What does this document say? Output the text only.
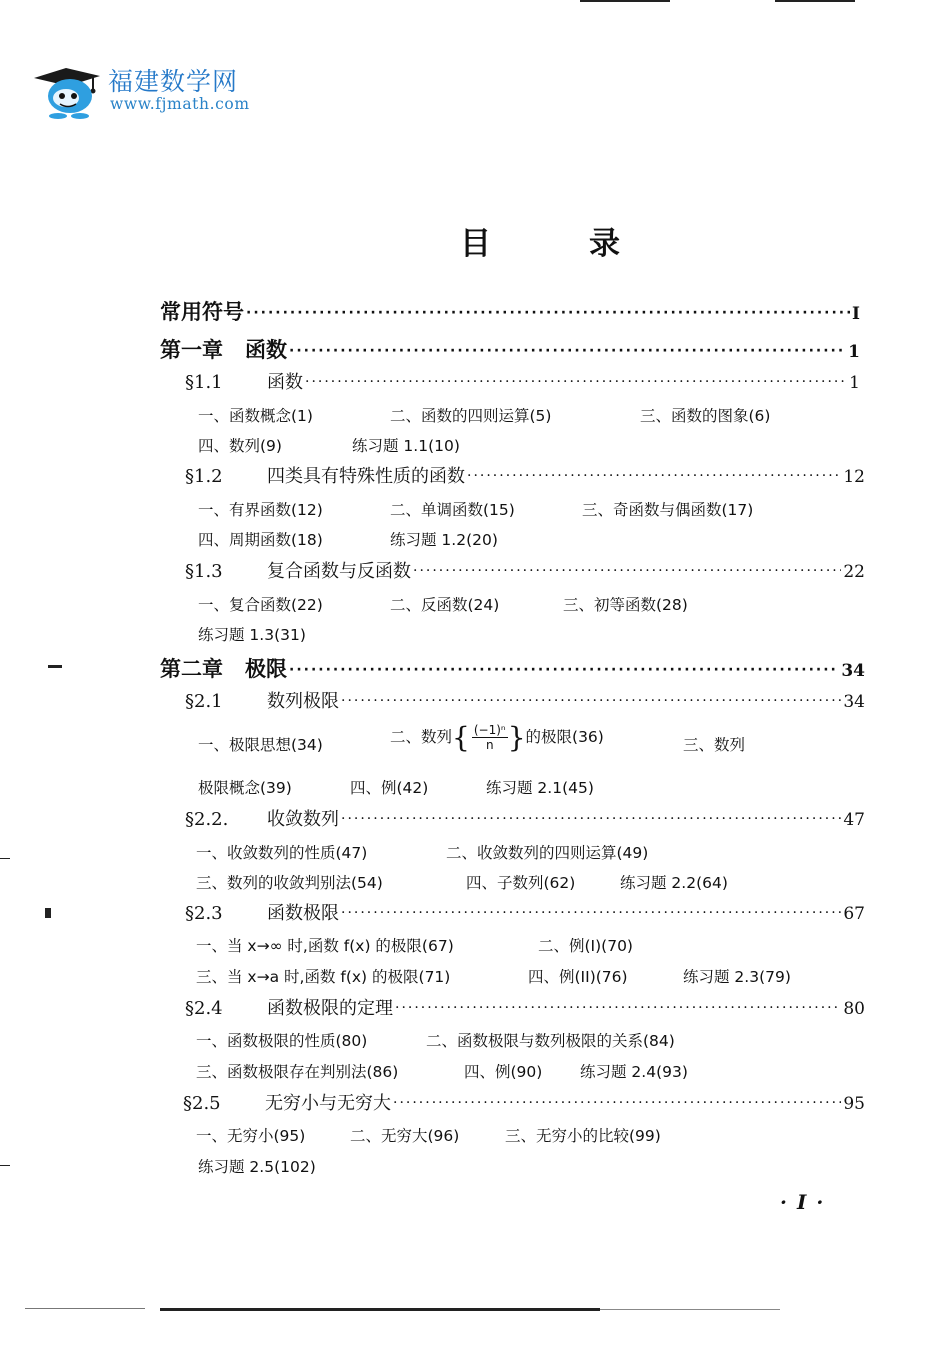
福建数学网
www.fjmath.com
目	录
常用符号 ·····	I
第一章 函数 ·····	1
§1.1	函数 ·····	1
一、函数概念(1)	二、函数的四则运算(5)	三、函数的图象(6)
四、数列(9)	练习题 1.1(10)
§1.2	四类具有特殊性质的函数 ·····	12
一、有界函数(12)	二、单调函数(15)	三、奇函数与偶函数(17)
四、周期函数(18)	练习题 1.2(20)
§1.3	复合函数与反函数 ·····	22
一、复合函数(22)	二、反函数(24)	三、初等函数(28)
练习题 1.3(31)
第二章 极限 ·····	34
§2.1	数列极限 ·····	34
一、极限思想(34)	二、数列{ $\frac{\text{(−1)ⁿ}}{n}$ }的极限(36)	三、数列
极限概念(39)	四、例(42)	练习题 2.1(45)
§2.2.	收敛数列 ·····	47
一、收敛数列的性质(47)	二、收敛数列的四则运算(49)
三、数列的收敛判别法(54)	四、子数列(62)	练习题 2.2(64)
§2.3	函数极限 ·····	67
一、当 x→∞ 时,函数 f(x) 的极限(67)	二、例(I)(70)
三、当 x→a 时,函数 f(x) 的极限(71)	四、例(II)(76)	练习题 2.3(79)
§2.4	函数极限的定理 ·····	80
一、函数极限的性质(80)	二、函数极限与数列极限的关系(84)
三、函数极限存在判别法(86)	四、例(90) 练习题 2.4(93)
§2.5	无穷小与无穷大 ·····	95
一、无穷小(95)	二、无穷大(96)	三、无穷小的比较(99)
练习题 2.5(102)
·I·
